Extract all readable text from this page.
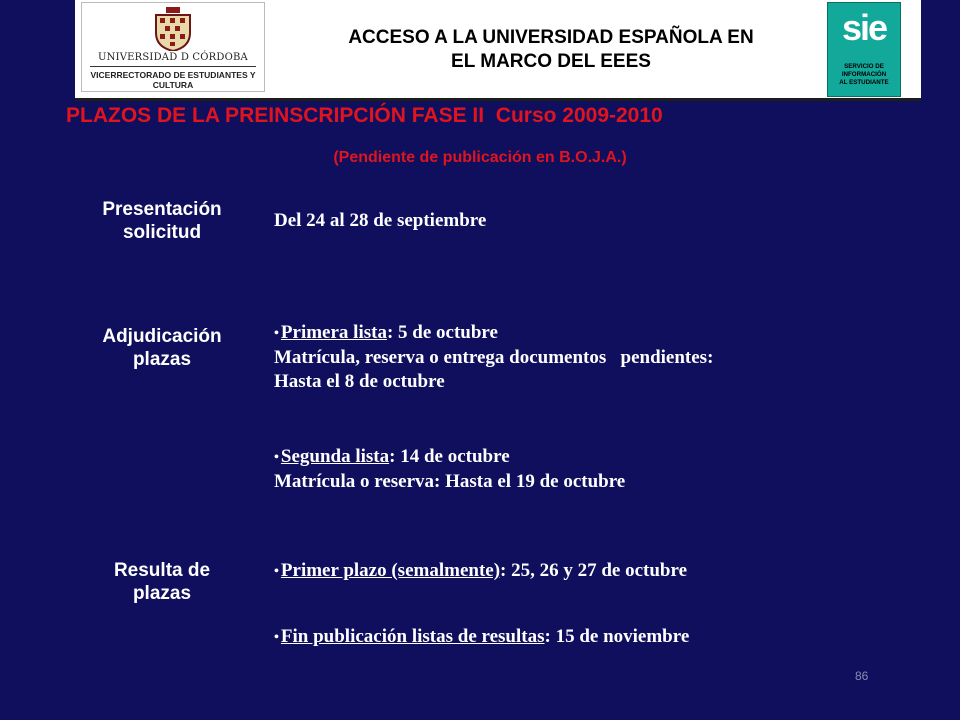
UNIVERSIDAD D CÓRDOBA
VICERRECTORADO DE ESTUDIANTES Y CULTURA
ACCESO A LA UNIVERSIDAD ESPAÑOLA EN
EL MARCO DEL EEES
sie
SERVICIO DE
INFORMACIÓN
AL ESTUDIANTE
PLAZOS DE LA PREINSCRIPCIÓN FASE II Curso 2009-2010
(Pendiente de publicación en B.O.J.A.)
Presentación
solicitud
Del 24 al 28 de septiembre
Adjudicación
plazas
• Primera lista: 5 de octubre
Matrícula, reserva o entrega documentos   pendientes:
Hasta el 8 de octubre
• Segunda lista: 14 de octubre
Matrícula o reserva: Hasta el 19 de octubre
Resulta de
plazas
• Primer plazo (semalmente): 25, 26 y 27 de octubre
• Fin publicación listas de resultas: 15 de noviembre
86
